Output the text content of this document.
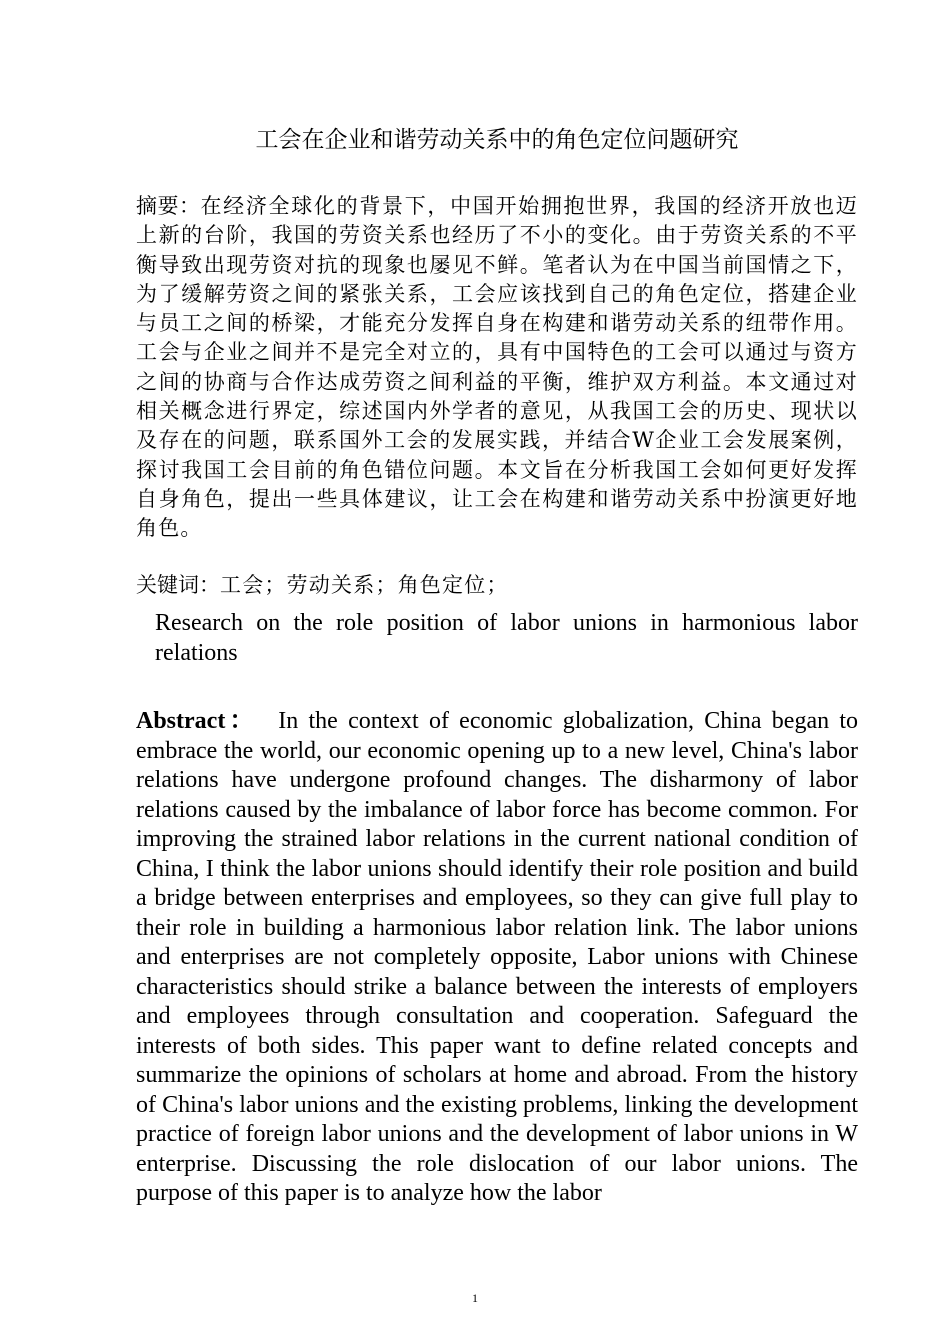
工会在企业和谐劳动关系中的角色定位问题研究

摘要：在经济全球化的背景下，中国开始拥抱世界，我国的经济开放也迈上新的台阶，我国的劳资关系也经历了不小的变化。由于劳资关系的不平衡导致出现劳资对抗的现象也屡见不鲜。笔者认为在中国当前国情之下，为了缓解劳资之间的紧张关系，工会应该找到自己的角色定位，搭建企业与员工之间的桥梁，才能充分发挥自身在构建和谐劳动关系的纽带作用。工会与企业之间并不是完全对立的，具有中国特色的工会可以通过与资方之间的协商与合作达成劳资之间利益的平衡，维护双方利益。本文通过对相关概念进行界定，综述国内外学者的意见，从我国工会的历史、现状以及存在的问题，联系国外工会的发展实践，并结合W企业工会发展案例，探讨我国工会目前的角色错位问题。本文旨在分析我国工会如何更好发挥自身角色，提出一些具体建议，让工会在构建和谐劳动关系中扮演更好地角色。

关键词：工会；劳动关系；角色定位；

Research on the role position of labor unions in harmonious labor relations

Abstract： In the context of economic globalization, China began to embrace the world, our economic opening up to a new level, China's labor relations have undergone profound changes. The disharmony of labor relations caused by the imbalance of labor force has become common. For improving the strained labor relations in the current national condition of China, I think the labor unions should identify their role position and build a bridge between enterprises and employees, so they can give full play to their role in building a harmonious labor relation link. The labor unions and enterprises are not completely opposite, Labor unions with Chinese characteristics should strike a balance between the interests of employers and employees through consultation and cooperation. Safeguard the interests of both sides. This paper want to define related concepts and summarize the opinions of scholars at home and abroad. From the history of China's labor unions and the existing problems, linking the development practice of foreign labor unions and the development of labor unions in W enterprise. Discussing the role dislocation of our labor unions. The purpose of this paper is to analyze how the labor

1
